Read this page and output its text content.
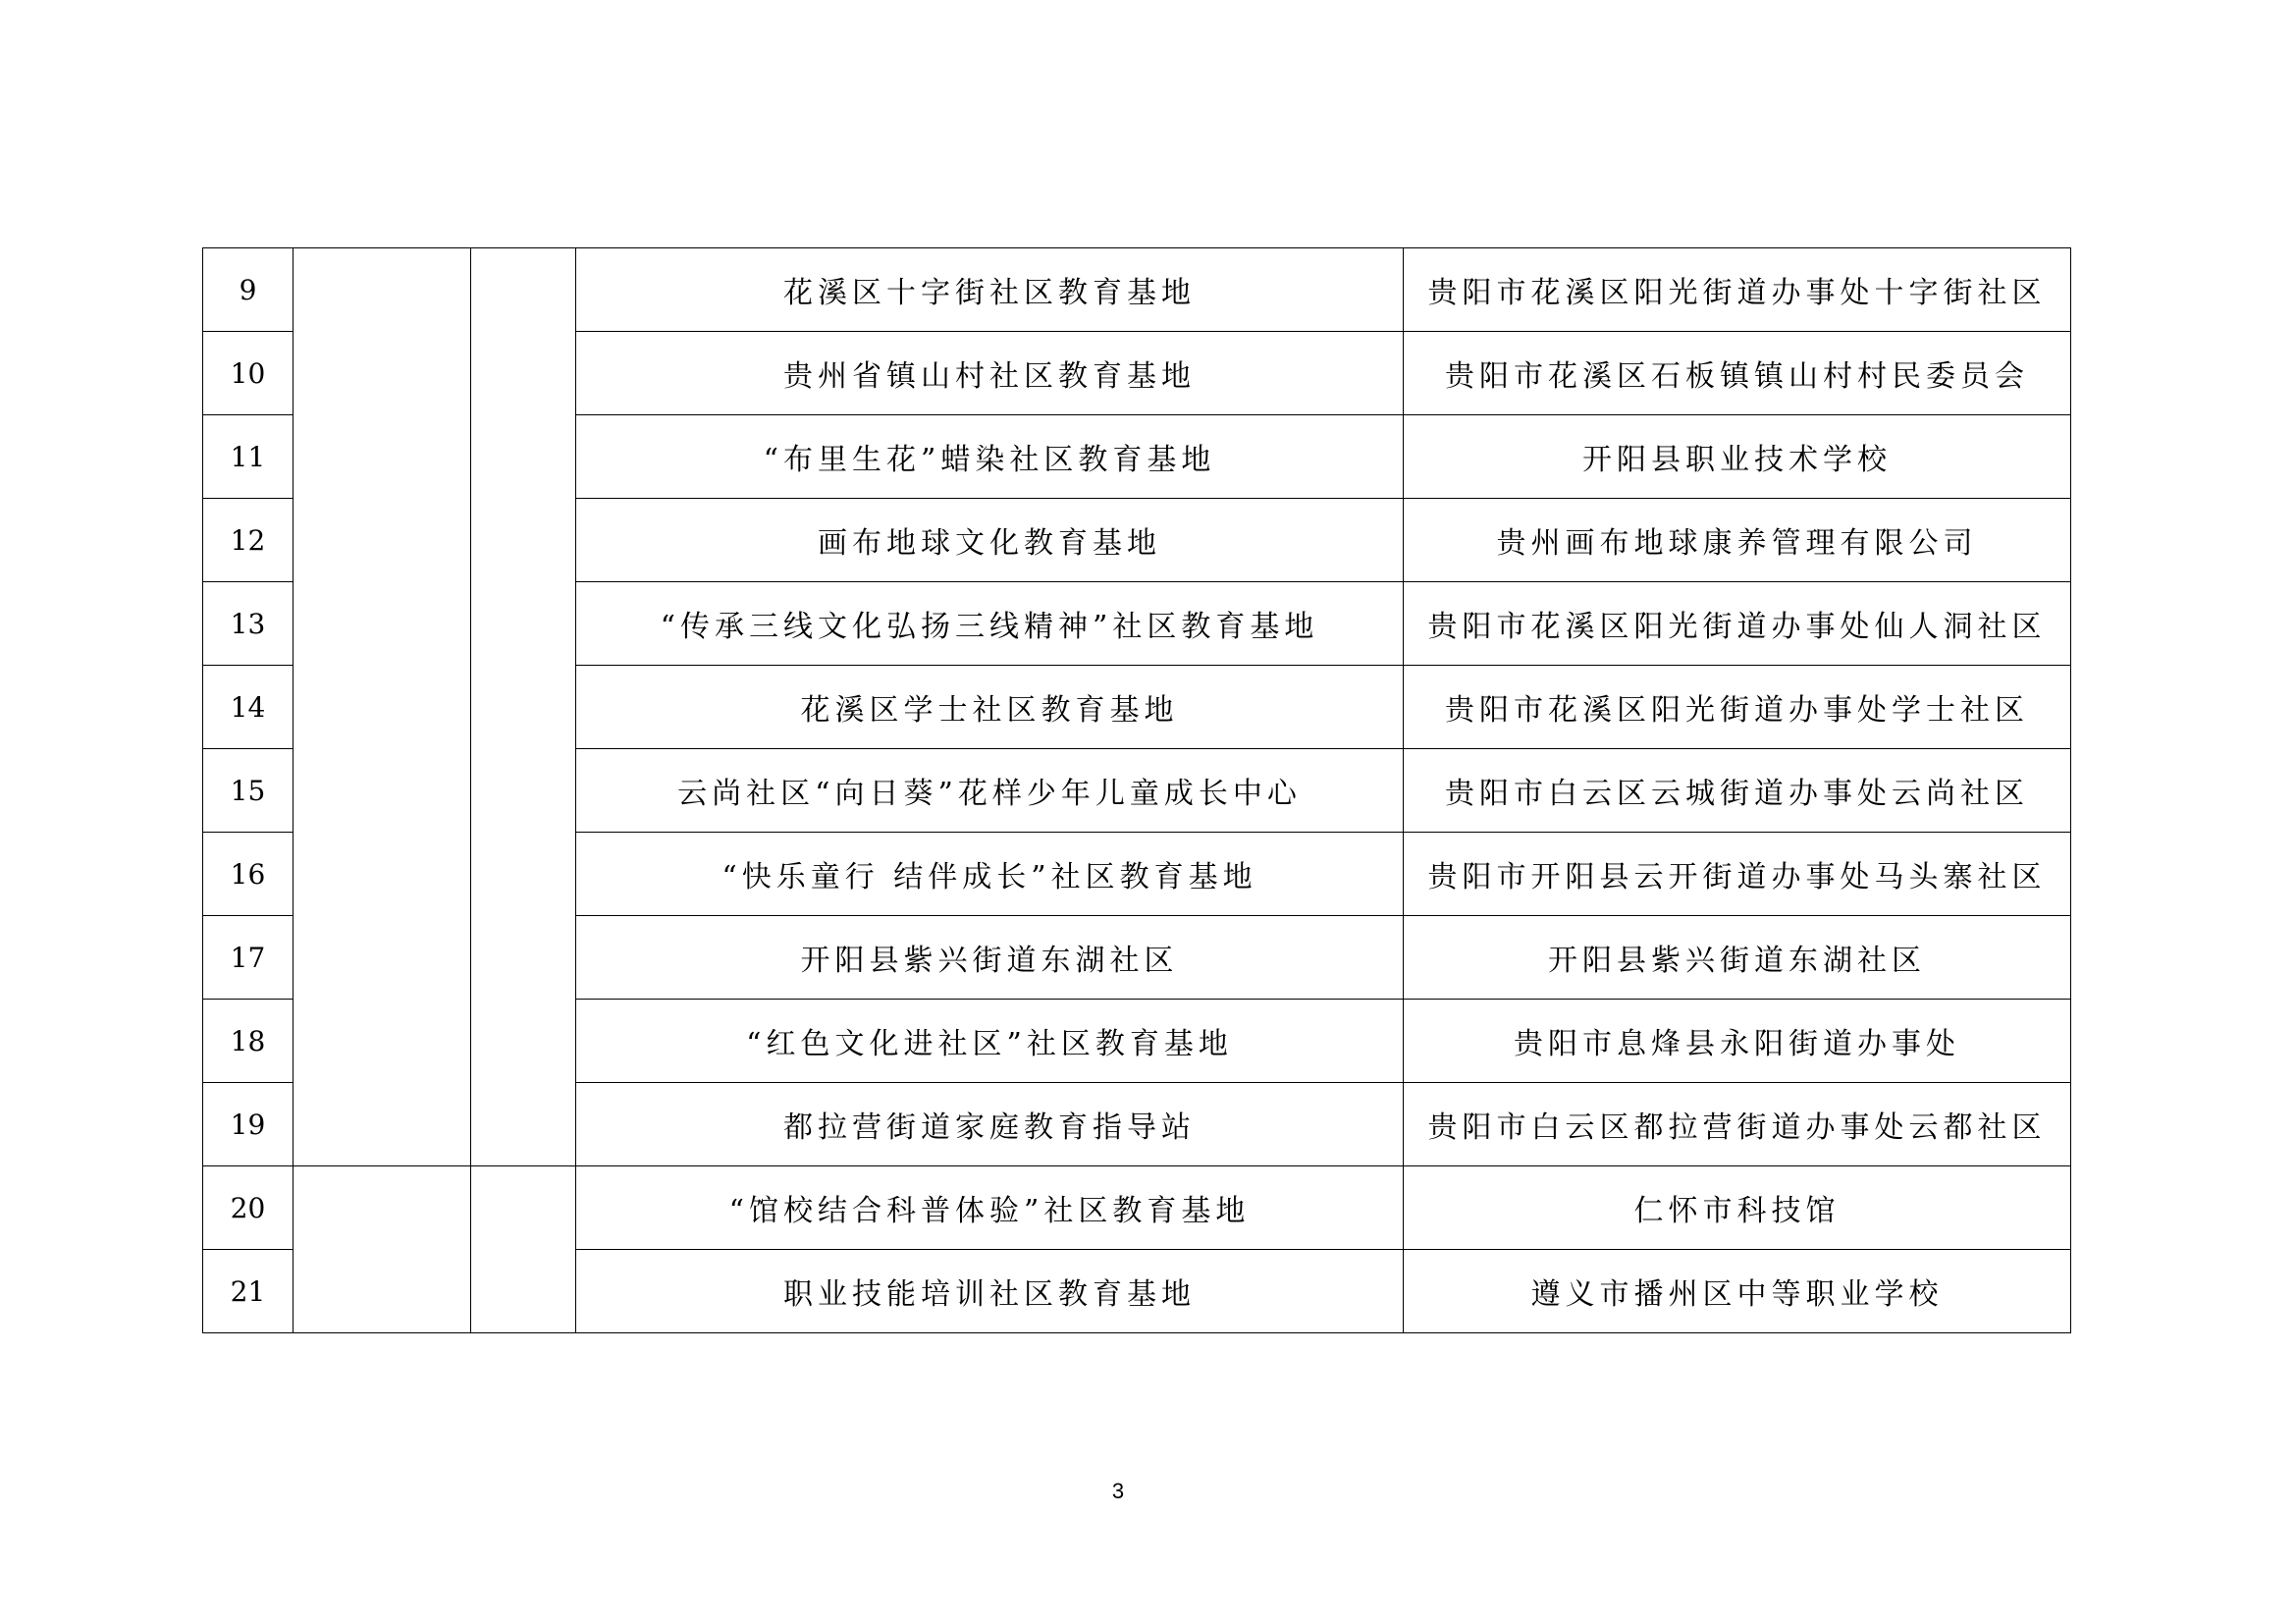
9			花溪区十字街社区教育基地	贵阳市花溪区阳光街道办事处十字街社区
10			贵州省镇山村社区教育基地	贵阳市花溪区石板镇镇山村村民委员会
11			“布里生花”蜡染社区教育基地	开阳县职业技术学校
12			画布地球文化教育基地	贵州画布地球康养管理有限公司
13			“传承三线文化弘扬三线精神”社区教育基地	贵阳市花溪区阳光街道办事处仙人洞社区
14			花溪区学士社区教育基地	贵阳市花溪区阳光街道办事处学士社区
15			云尚社区“向日葵”花样少年儿童成长中心	贵阳市白云区云城街道办事处云尚社区
16			“快乐童行 结伴成长”社区教育基地	贵阳市开阳县云开街道办事处马头寨社区
17			开阳县紫兴街道东湖社区	开阳县紫兴街道东湖社区
18			“红色文化进社区”社区教育基地	贵阳市息烽县永阳街道办事处
19			都拉营街道家庭教育指导站	贵阳市白云区都拉营街道办事处云都社区
20			“馆校结合科普体验”社区教育基地	仁怀市科技馆
21			职业技能培训社区教育基地	遵义市播州区中等职业学校
3
